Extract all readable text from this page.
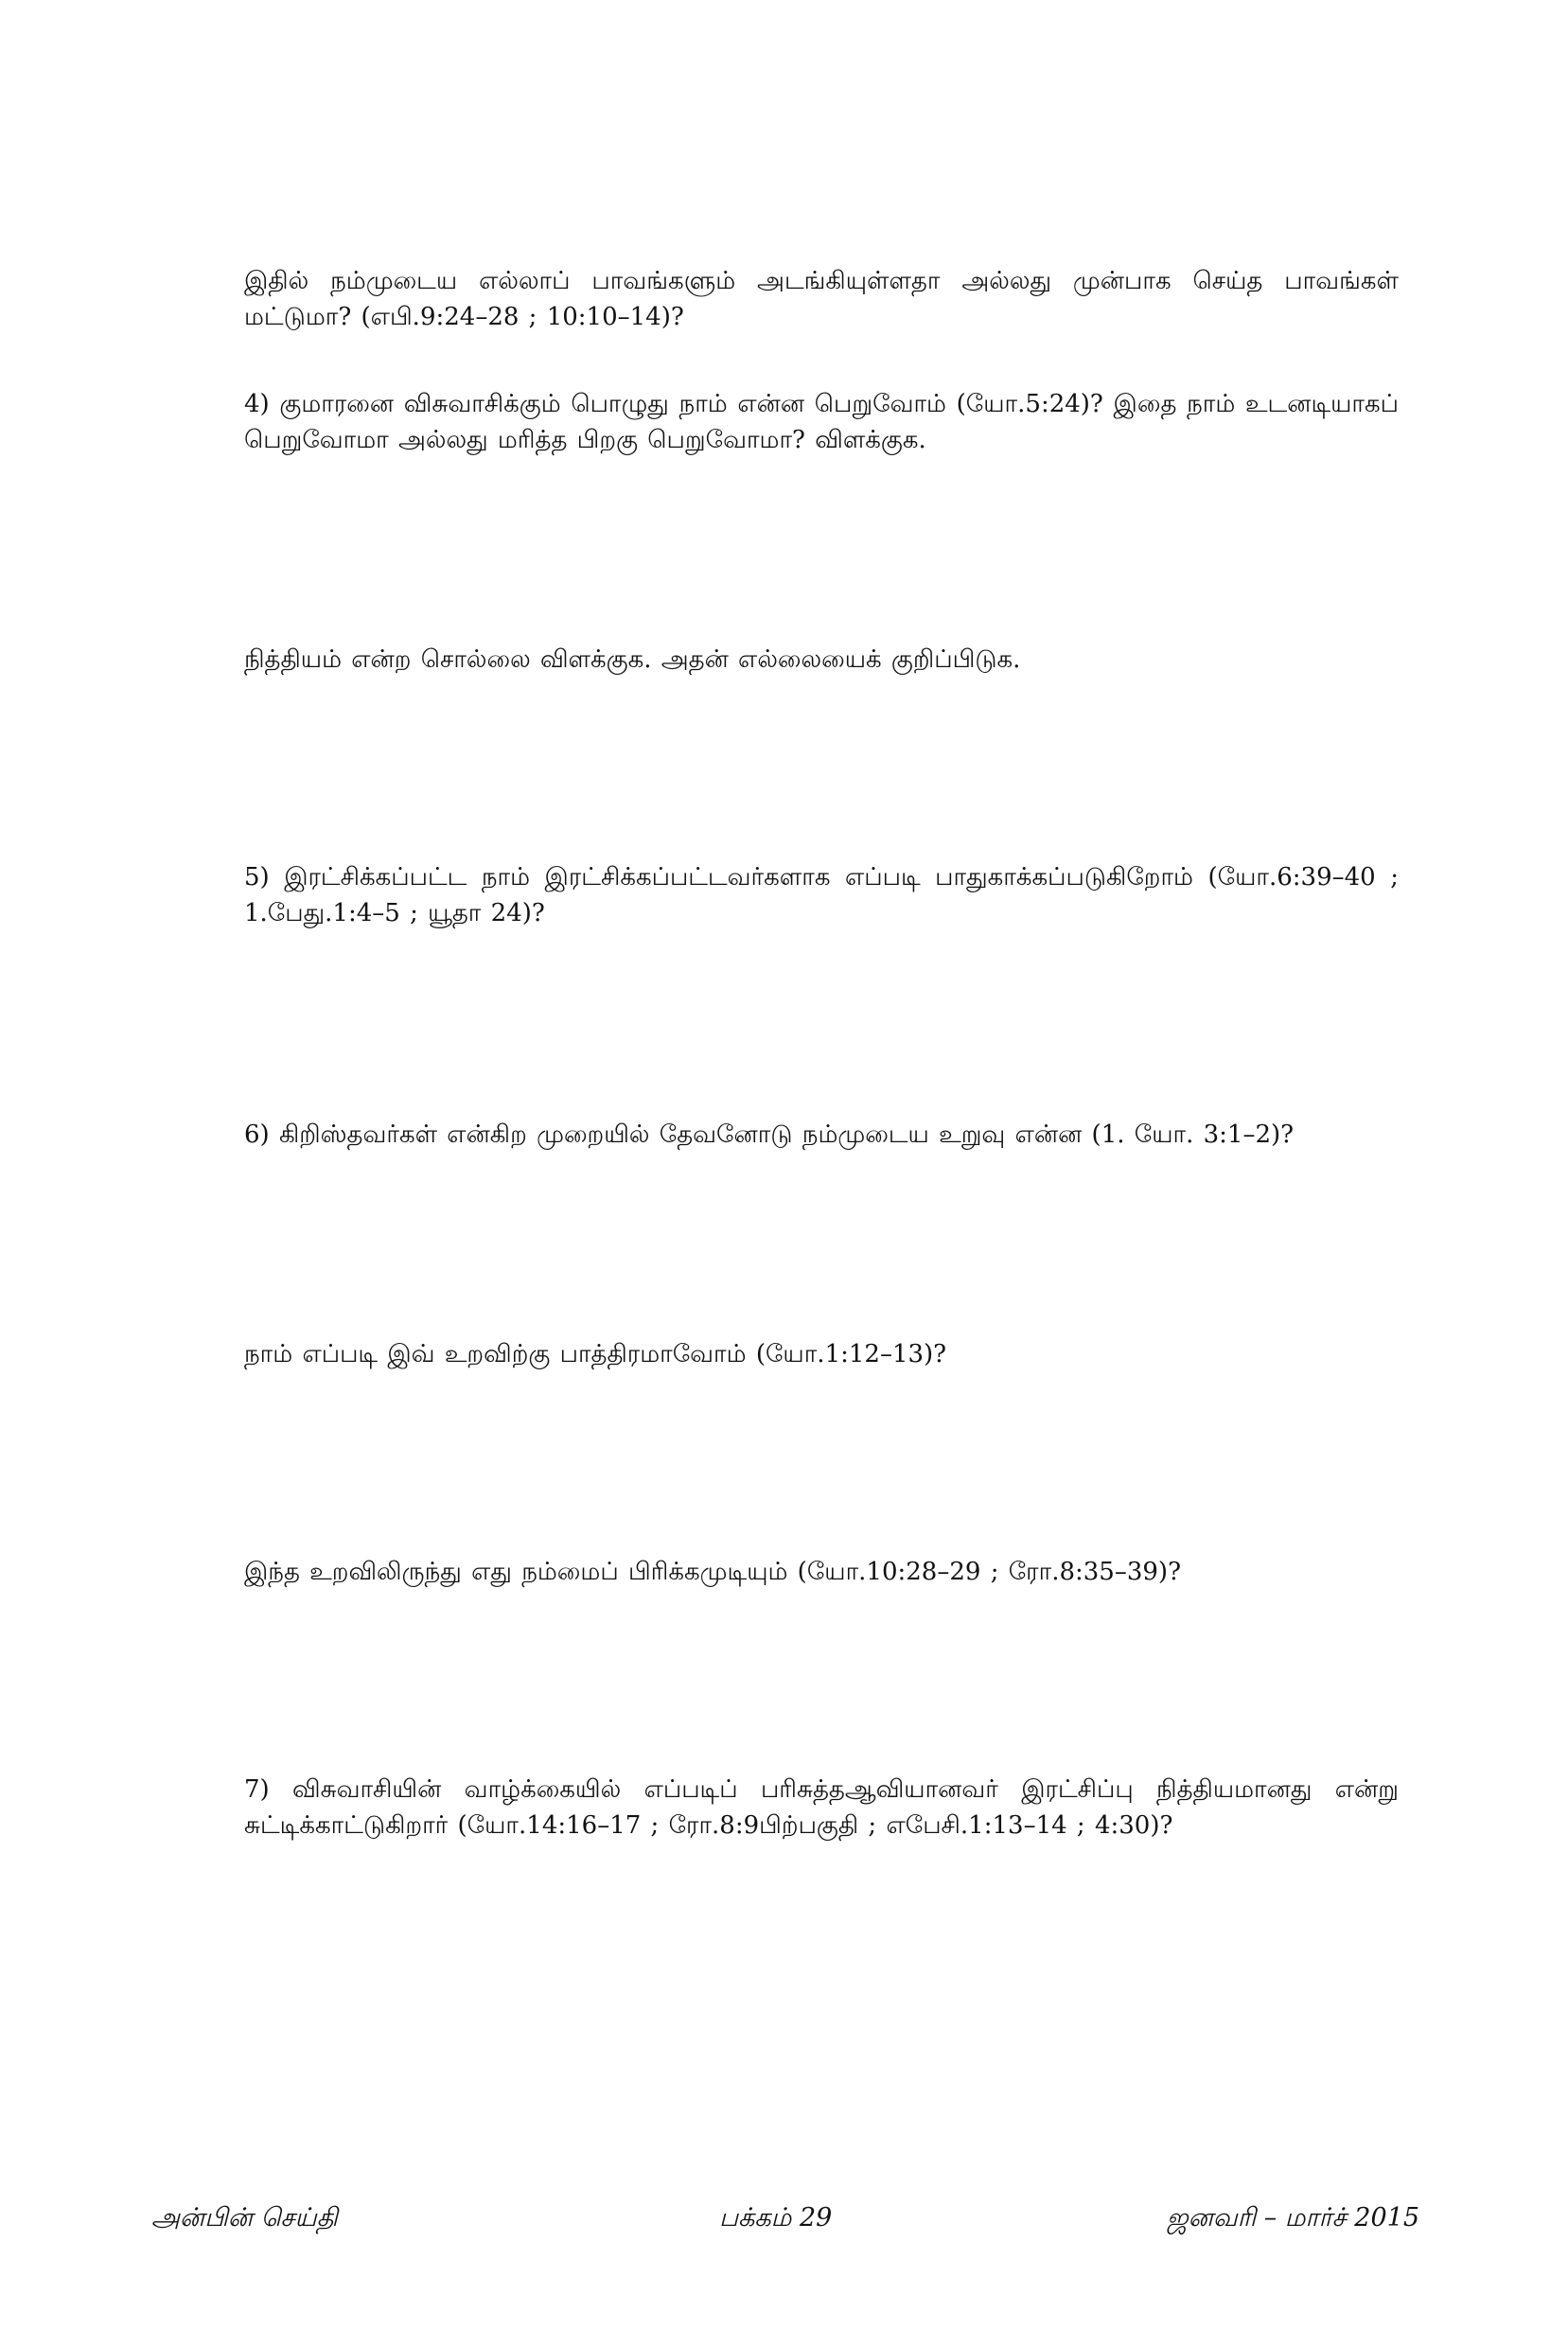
இதில் நம்முடைய எல்லாப் பாவங்களும் அடங்கியுள்ளதா அல்லது முன்பாக செய்த பாவங்கள் மட்டுமா? (எபி.9:24–28 ; 10:10–14)?

4) குமாரனை விசுவாசிக்கும் பொழுது நாம் என்ன பெறுவோம் (யோ.5:24)? இதை நாம் உடனடியாகப் பெறுவோமா அல்லது மரித்த பிறகு பெறுவோமா? விளக்குக.

நித்தியம் என்ற சொல்லை விளக்குக. அதன் எல்லையைக் குறிப்பிடுக.

5) இரட்சிக்கப்பட்ட நாம் இரட்சிக்கப்பட்டவர்களாக எப்படி பாதுகாக்கப்படுகிறோம் (யோ.6:39–40 ; 1.பேது.1:4–5 ; யூதா 24)?

6) கிறிஸ்தவர்கள் என்கிற முறையில் தேவனோடு நம்முடைய உறுவு என்ன (1. யோ. 3:1–2)?

நாம் எப்படி இவ் உறவிற்கு பாத்திரமாவோம் (யோ.1:12–13)?

இந்த உறவிலிருந்து எது நம்மைப் பிரிக்கமுடியும் (யோ.10:28–29 ; ரோ.8:35–39)?

7) விசுவாசியின் வாழ்க்கையில் எப்படிப் பரிசுத்தஆவியானவர் இரட்சிப்பு நித்தியமானது என்று சுட்டிக்காட்டுகிறார் (யோ.14:16–17 ; ரோ.8:9பிற்பகுதி ; எபேசி.1:13–14 ; 4:30)?

அன்பின் செய்தி	பக்கம் 29	ஜனவரி – மார்ச் 2015
